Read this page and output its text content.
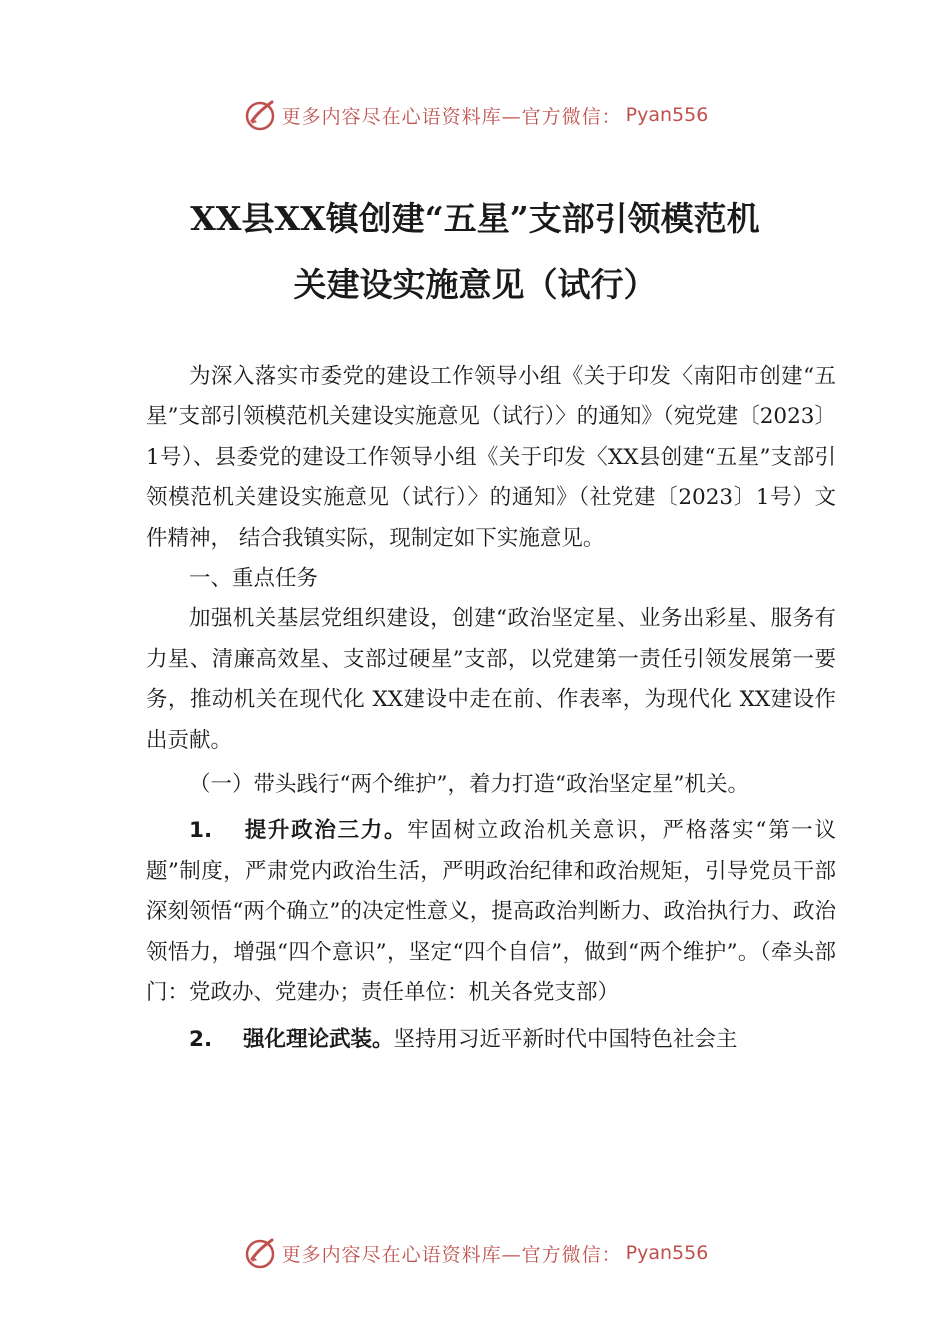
更多内容尽在心语资料库—官方微信： Pyan556
XX县XX镇创建“五星”支部引领模范机
关建设实施意见（试行）

为深入落实市委党的建设工作领导小组《关于印发〈南阳市创建“五星”支部引领模范机关建设实施意见（试行）〉的通知》（宛党建〔2023〕1号）、县委党的建设工作领导小组《关于印发〈XX县创建“五星”支部引领模范机关建设实施意见（试行）〉的通知》（社党建〔2023〕1号）文件精神， 结合我镇实际，现制定如下实施意见。

一、重点任务

加强机关基层党组织建设，创建“政治坚定星、业务出彩星、服务有力星、清廉高效星、支部过硬星”支部，以党建第一责任引领发展第一要务，推动机关在现代化 XX建设中走在前、作表率，为现代化 XX建设作出贡献。

（一）带头践行“两个维护”，着力打造“政治坚定星”机关。

1. 提升政治三力。牢固树立政治机关意识，严格落实“第一议题”制度，严肃党内政治生活，严明政治纪律和政治规矩，引导党员干部深刻领悟“两个确立”的决定性意义，提高政治判断力、政治执行力、政治领悟力，增强“四个意识”，坚定“四个自信”，做到“两个维护”。（牵头部门：党政办、党建办；责任单位：机关各党支部）

2. 强化理论武装。坚持用习近平新时代中国特色社会主

更多内容尽在心语资料库—官方微信： Pyan556
